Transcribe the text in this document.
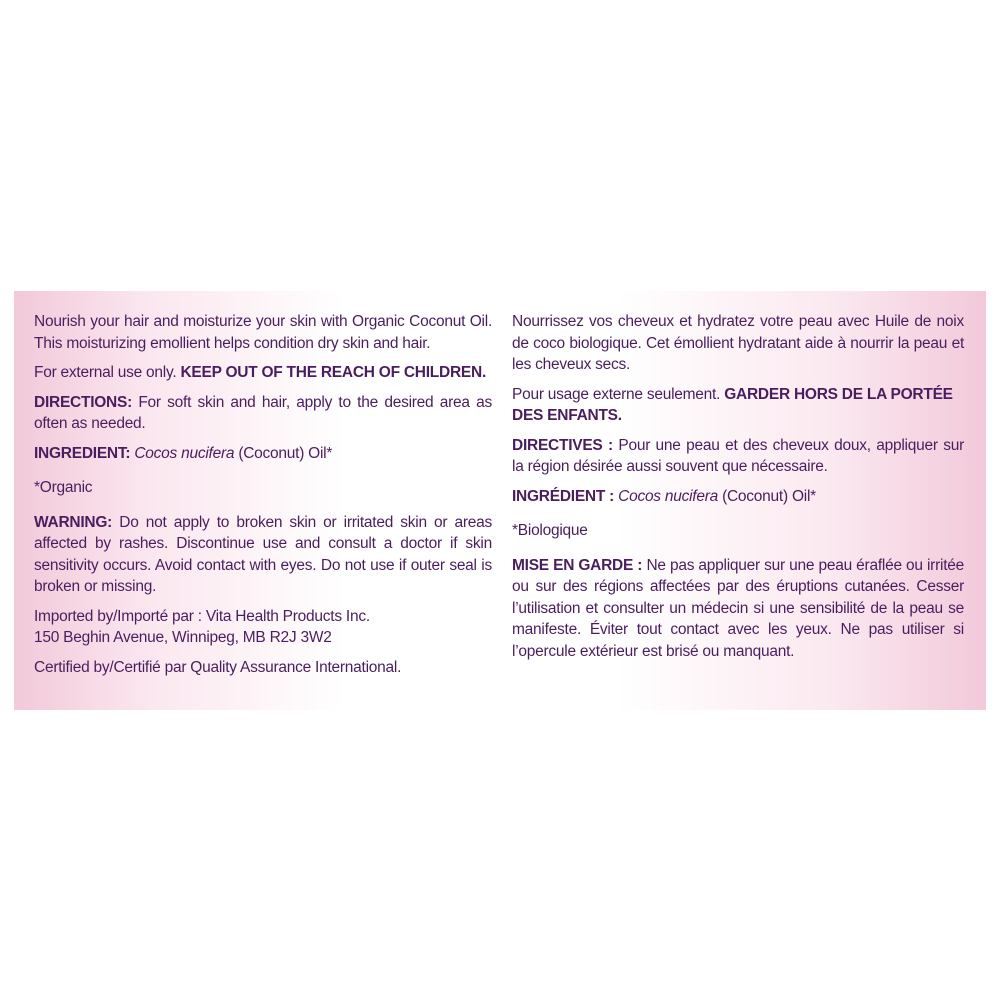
Nourish your hair and moisturize your skin with Organic Coconut Oil. This moisturizing emollient helps condition dry skin and hair.

For external use only. KEEP OUT OF THE REACH OF CHILDREN.

DIRECTIONS: For soft skin and hair, apply to the desired area as often as needed.

INGREDIENT: Cocos nucifera (Coconut) Oil*

*Organic

WARNING: Do not apply to broken skin or irritated skin or areas affected by rashes. Discontinue use and consult a doctor if skin sensitivity occurs. Avoid contact with eyes. Do not use if outer seal is broken or missing.

Imported by/Importé par : Vita Health Products Inc.
150 Beghin Avenue, Winnipeg, MB R2J 3W2

Certified by/Certifié par Quality Assurance International.

Nourrissez vos cheveux et hydratez votre peau avec Huile de noix de coco biologique. Cet émollient hydratant aide à nourrir la peau et les cheveux secs.

Pour usage externe seulement. GARDER HORS DE LA PORTÉE DES ENFANTS.

DIRECTIVES : Pour une peau et des cheveux doux, appliquer sur la région désirée aussi souvent que nécessaire.

INGRÉDIENT : Cocos nucifera (Coconut) Oil*

*Biologique

MISE EN GARDE : Ne pas appliquer sur une peau éraflée ou irritée ou sur des régions affectées par des éruptions cutanées. Cesser l’utilisation et consulter un médecin si une sensibilité de la peau se manifeste. Éviter tout contact avec les yeux. Ne pas utiliser si l’opercule extérieur est brisé ou manquant.
